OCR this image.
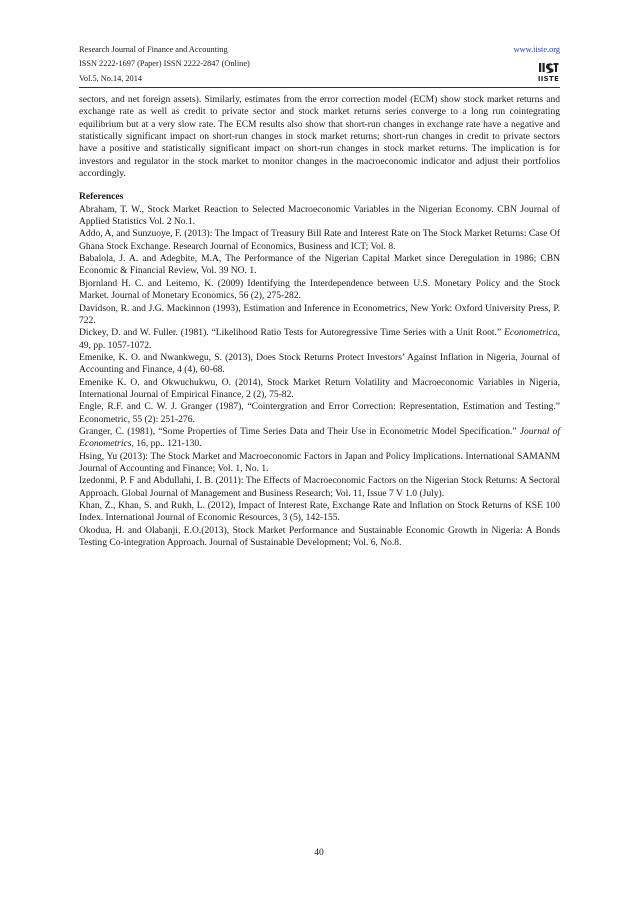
Research Journal of Finance and Accounting
ISSN 2222-1697 (Paper) ISSN 2222-2847 (Online)
Vol.5, No.14, 2014
www.iiste.org
IISTE

sectors, and net foreign assets). Similarly, estimates from the error correction model (ECM) show stock market returns and exchange rate as well as credit to private sector and stock market returns series converge to a long run cointegrating equilibrium but at a very slow rate. The ECM results also show that short-run changes in exchange rate have a negative and statistically significant impact on short-run changes in stock market returns; short-run changes in credit to private sectors have a positive and statistically significant impact on short-run changes in stock market returns. The implication is for investors and regulator in the stock market to monitor changes in the macroeconomic indicator and adjust their portfolios accordingly.

References

Abraham, T. W., Stock Market Reaction to Selected Macroeconomic Variables in the Nigerian Economy. CBN Journal of Applied Statistics Vol. 2 No.1.

Addo, A, and Sunzuoye, F. (2013): The Impact of Treasury Bill Rate and Interest Rate on The Stock Market Returns: Case Of Ghana Stock Exchange. Research Journal of Economics, Business and ICT; Vol. 8.

Babalola, J. A. and Adegbite, M.A, The Performance of the Nigerian Capital Market since Deregulation in 1986; CBN Economic & Financial Review, Vol. 39 NO. 1.

Bjornland H. C. and Leitemo, K. (2009) Identifying the Interdependence between U.S. Monetary Policy and the Stock Market. Journal of Monetary Economics, 56 (2), 275-282.

Davidson, R. and J.G. Mackinnon (1993), Estimation and Inference in Econometrics, New York: Oxford University Press, P. 722.

Dickey, D. and W. Fuller. (1981). “Likelihood Ratio Tests for Autoregressive Time Series with a Unit Root.” Econometrica, 49, pp. 1057-1072.

Emenike, K. O. and Nwankwegu, S. (2013), Does Stock Returns Protect Investors’ Against Inflation in Nigeria, Journal of Accounting and Finance, 4 (4), 60-68.

Emenike K. O. and Okwuchukwu, O. (2014), Stock Market Return Volatility and Macroeconomic Variables in Nigeria, International Journal of Empirical Finance, 2 (2), 75-82.

Engle, R.F. and C. W. J. Granger (1987), “Cointergration and Error Correction: Representation, Estimation and Testing.” Econometric, 55 (2): 251-276.

Granger, C. (1981), “Some Properties of Time Series Data and Their Use in Econometric Model Specification.” Journal of Econometrics, 16, pp.. 121-130.

Hsing, Yu (2013): The Stock Market and Macroeconomic Factors in Japan and Policy Implications. International SAMANM Journal of Accounting and Finance; Vol. 1, No. 1.

Izedonmi, P. F and Abdullahi, I. B. (2011): The Effects of Macroeconomic Factors on the Nigerian Stock Returns: A Sectoral Approach. Global Journal of Management and Business Research; Vol. 11, Issue 7 V 1.0 (July).

Khan, Z., Khan, S. and Rukh, L. (2012), Impact of Interest Rate, Exchange Rate and Inflation on Stock Returns of KSE 100 Index. International Journal of Economic Resources, 3 (5), 142-155.

Okodua, H. and Olabanji, E.O.(2013), Stock Market Performance and Sustainable Economic Growth in Nigeria: A Bonds Testing Co-integration Approach. Journal of Sustainable Development; Vol. 6, No.8.

40
